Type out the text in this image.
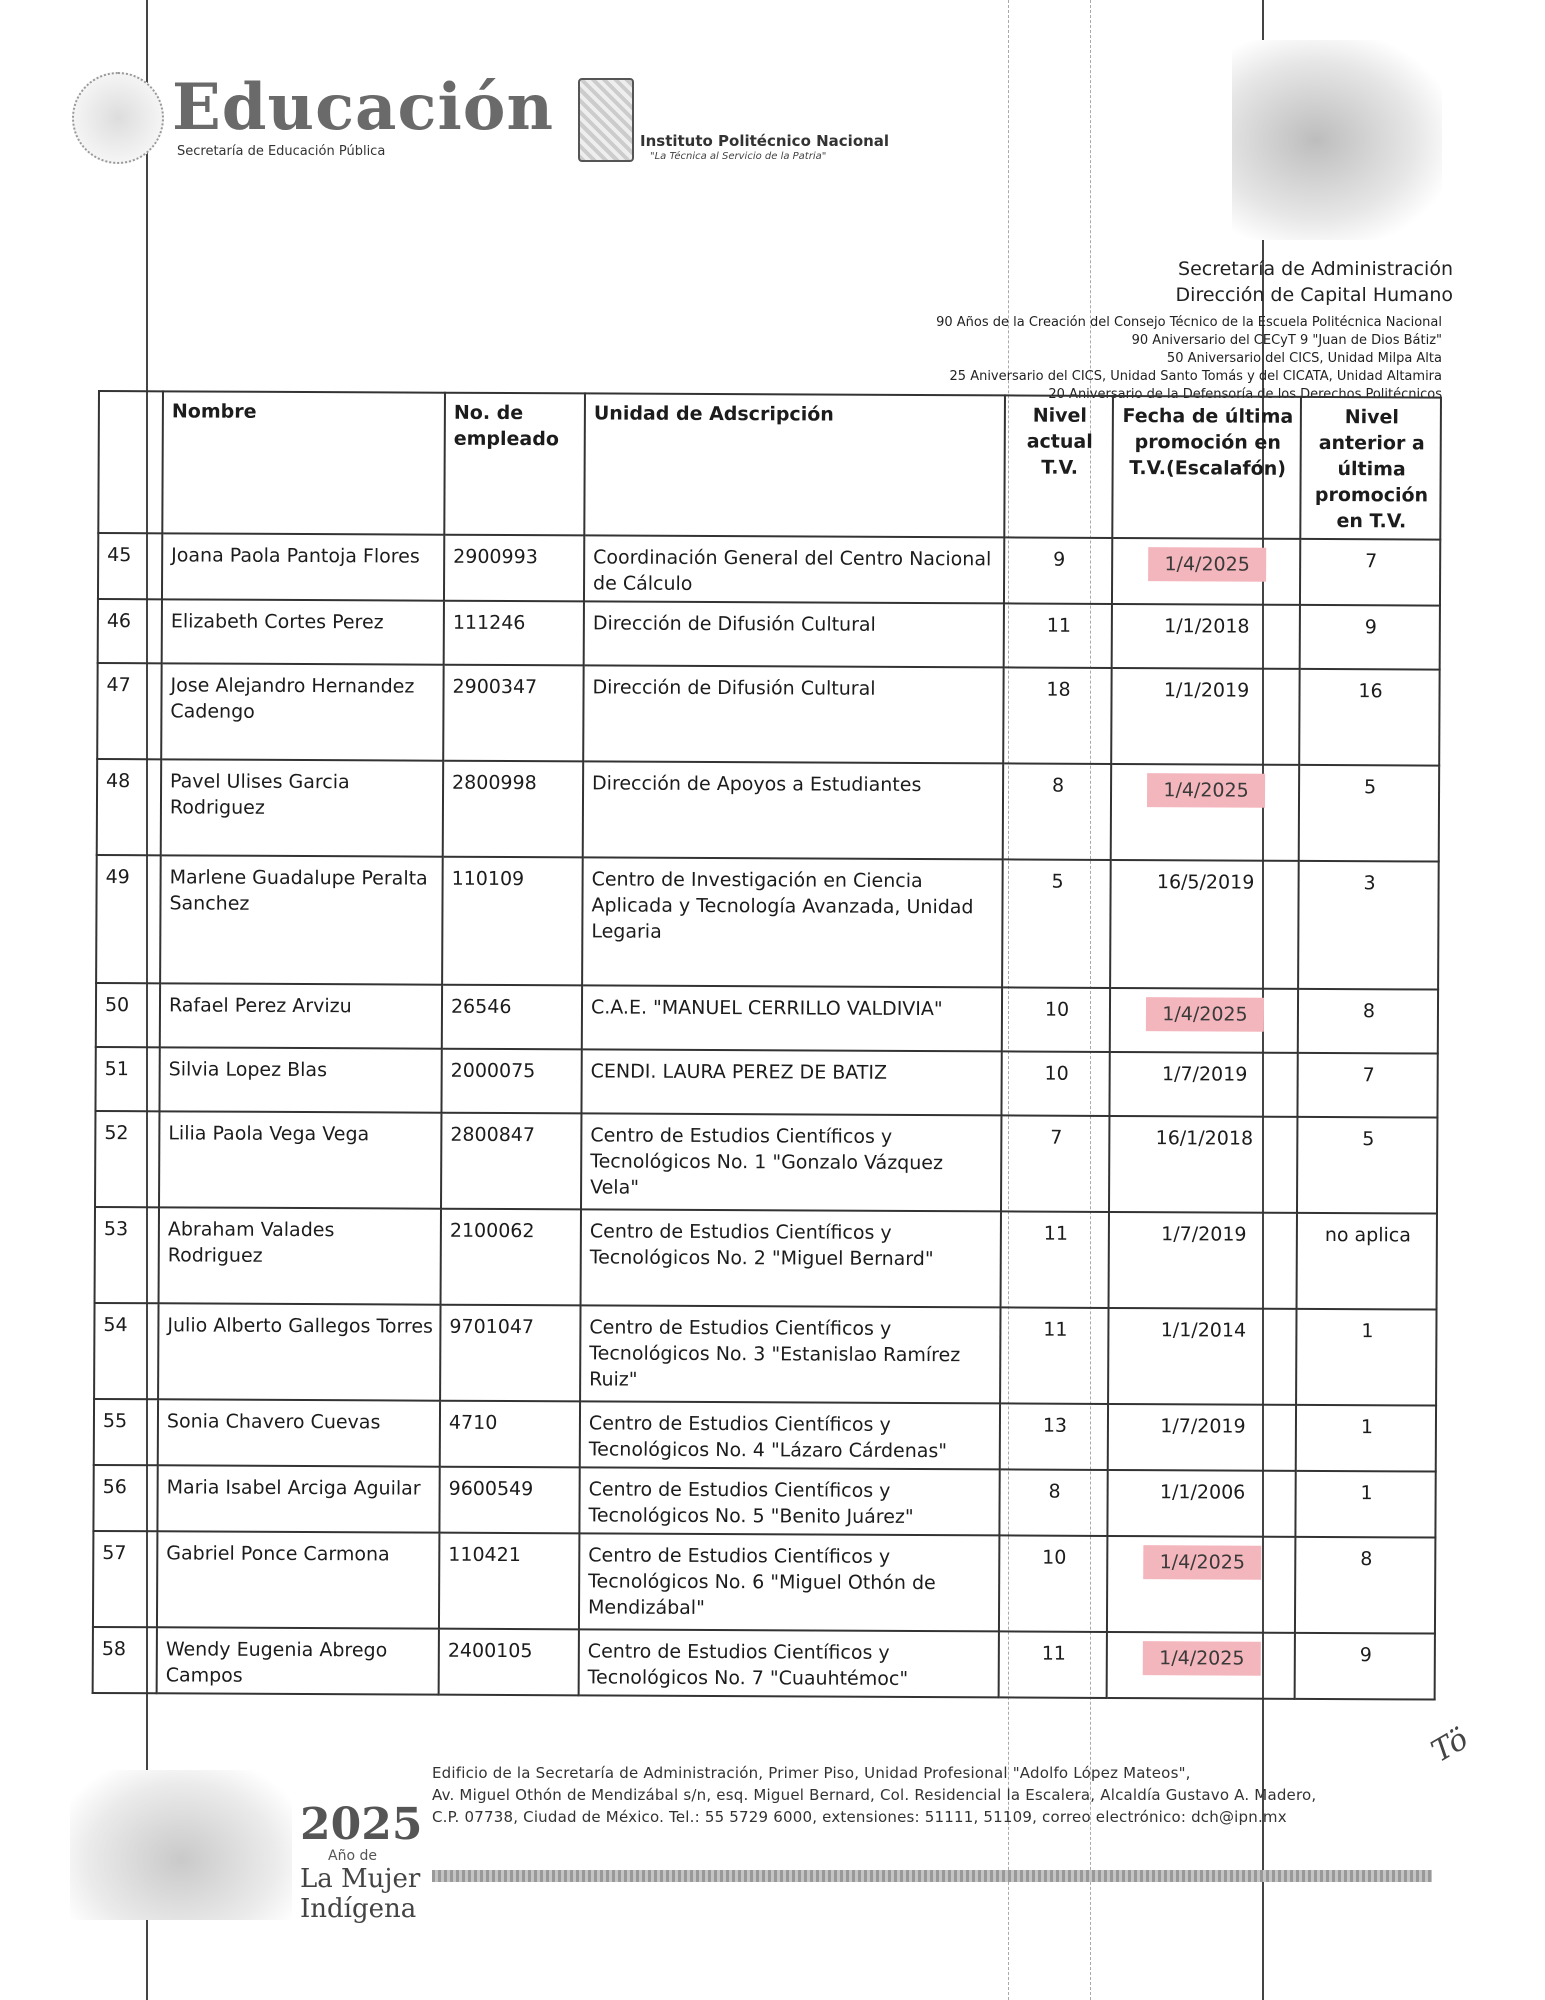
Educación
Secretaría de Educación Pública
Instituto Politécnico Nacional
"La Técnica al Servicio de la Patria"
Secretaría de Administración
Dirección de Capital Humano
90 Años de la Creación del Consejo Técnico de la Escuela Politécnica Nacional
90 Aniversario del CECyT 9 "Juan de Dios Bátiz"
50 Aniversario del CICS, Unidad Milpa Alta
25 Aniversario del CICS, Unidad Santo Tomás y del CICATA, Unidad Altamira
20 Aniversario de la Defensoría de los Derechos Politécnicos
	Nombre	No. de empleado	Unidad de Adscripción	Nivel actual T.V.	Fecha de última promoción en T.V.(Escalafón)	Nivel anterior a última promoción en T.V.
45	Joana Paola Pantoja Flores	2900993	Coordinación General del Centro Nacional de Cálculo	9	1/4/2025	7
46	Elizabeth Cortes Perez	111246	Dirección de Difusión Cultural	11	1/1/2018	9
47	Jose Alejandro Hernandez Cadengo	2900347	Dirección de Difusión Cultural	18	1/1/2019	16
48	Pavel Ulises Garcia Rodriguez	2800998	Dirección de Apoyos a Estudiantes	8	1/4/2025	5
49	Marlene Guadalupe Peralta Sanchez	110109	Centro de Investigación en Ciencia Aplicada y Tecnología Avanzada, Unidad Legaria	5	16/5/2019	3
50	Rafael Perez Arvizu	26546	C.A.E. "MANUEL CERRILLO VALDIVIA"	10	1/4/2025	8
51	Silvia Lopez Blas	2000075	CENDI. LAURA PEREZ DE BATIZ	10	1/7/2019	7
52	Lilia Paola Vega Vega	2800847	Centro de Estudios Científicos y Tecnológicos No. 1 "Gonzalo Vázquez Vela"	7	16/1/2018	5
53	Abraham Valades Rodriguez	2100062	Centro de Estudios Científicos y Tecnológicos No. 2 "Miguel Bernard"	11	1/7/2019	no aplica
54	Julio Alberto Gallegos Torres	9701047	Centro de Estudios Científicos y Tecnológicos No. 3 "Estanislao Ramírez Ruiz"	11	1/1/2014	1
55	Sonia Chavero Cuevas	4710	Centro de Estudios Científicos y Tecnológicos No. 4 "Lázaro Cárdenas"	13	1/7/2019	1
56	Maria Isabel Arciga Aguilar	9600549	Centro de Estudios Científicos y Tecnológicos No. 5 "Benito Juárez"	8	1/1/2006	1
57	Gabriel Ponce Carmona	110421	Centro de Estudios Científicos y Tecnológicos No. 6 "Miguel Othón de Mendizábal"	10	1/4/2025	8
58	Wendy Eugenia Abrego Campos	2400105	Centro de Estudios Científicos y Tecnológicos No. 7 "Cuauhtémoc"	11	1/4/2025	9
2025
Año de
La Mujer
Indígena
Edificio de la Secretaría de Administración, Primer Piso, Unidad Profesional "Adolfo López Mateos",
Av. Miguel Othón de Mendizábal s/n, esq. Miguel Bernard, Col. Residencial la Escalera, Alcaldía Gustavo A. Madero,
C.P. 07738, Ciudad de México. Tel.: 55 5729 6000, extensiones: 51111, 51109, correo electrónico: dch@ipn.mx
Tö
